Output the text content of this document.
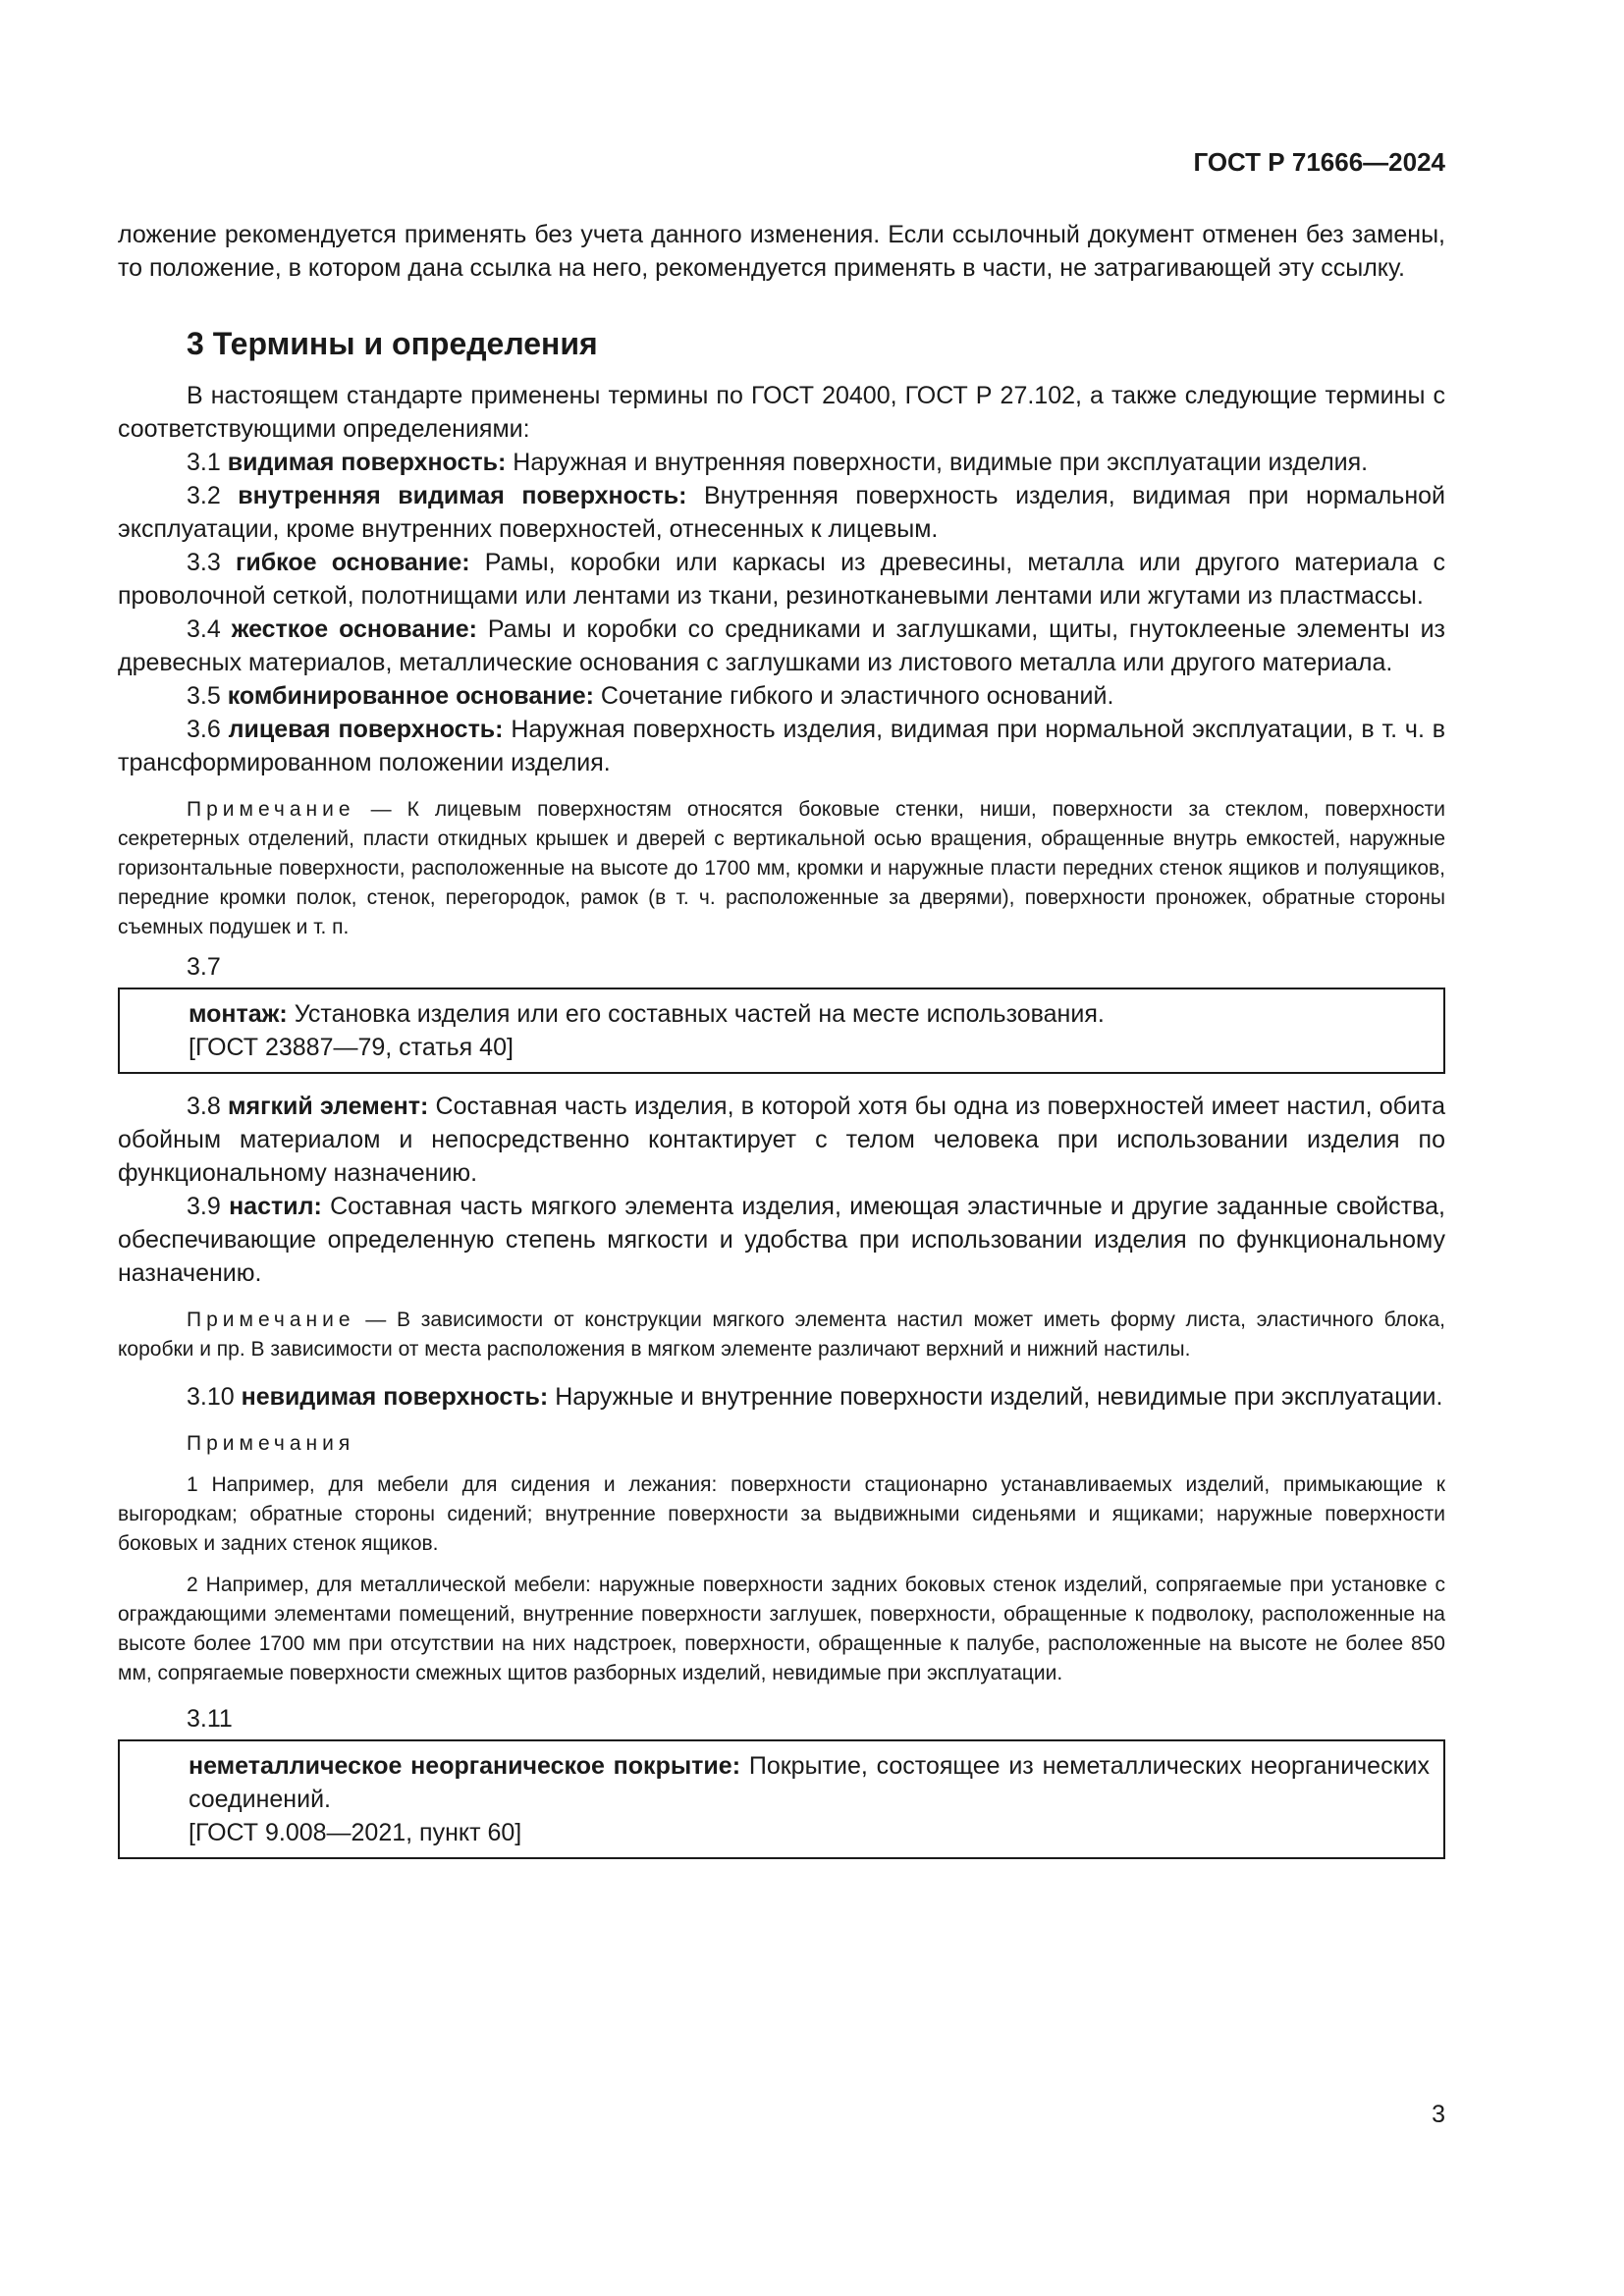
ГОСТ Р 71666—2024

ложение рекомендуется применять без учета данного изменения. Если ссылочный документ отменен без замены, то положение, в котором дана ссылка на него, рекомендуется применять в части, не затрагивающей эту ссылку.

3 Термины и определения

В настоящем стандарте применены термины по ГОСТ 20400, ГОСТ Р 27.102, а также следующие термины с соответствующими определениями:

3.1 видимая поверхность: Наружная и внутренняя поверхности, видимые при эксплуатации изделия.

3.2 внутренняя видимая поверхность: Внутренняя поверхность изделия, видимая при нормальной эксплуатации, кроме внутренних поверхностей, отнесенных к лицевым.

3.3 гибкое основание: Рамы, коробки или каркасы из древесины, металла или другого материала с проволочной сеткой, полотнищами или лентами из ткани, резинотканевыми лентами или жгутами из пластмассы.

3.4 жесткое основание: Рамы и коробки со средниками и заглушками, щиты, гнутоклееные элементы из древесных материалов, металлические основания с заглушками из листового металла или другого материала.

3.5 комбинированное основание: Сочетание гибкого и эластичного оснований.

3.6 лицевая поверхность: Наружная поверхность изделия, видимая при нормальной эксплуатации, в т. ч. в трансформированном положении изделия.

Примечание — К лицевым поверхностям относятся боковые стенки, ниши, поверхности за стеклом, поверхности секретерных отделений, пласти откидных крышек и дверей с вертикальной осью вращения, обращенные внутрь емкостей, наружные горизонтальные поверхности, расположенные на высоте до 1700 мм, кромки и наружные пласти передних стенок ящиков и полуящиков, передние кромки полок, стенок, перегородок, рамок (в т. ч. расположенные за дверями), поверхности проножек, обратные стороны съемных подушек и т. п.

3.7

монтаж: Установка изделия или его составных частей на месте использования.

[ГОСТ 23887—79, статья 40]

3.8 мягкий элемент: Составная часть изделия, в которой хотя бы одна из поверхностей имеет настил, обита обойным материалом и непосредственно контактирует с телом человека при использовании изделия по функциональному назначению.

3.9 настил: Составная часть мягкого элемента изделия, имеющая эластичные и другие заданные свойства, обеспечивающие определенную степень мягкости и удобства при использовании изделия по функциональному назначению.

Примечание — В зависимости от конструкции мягкого элемента настил может иметь форму листа, эластичного блока, коробки и пр. В зависимости от места расположения в мягком элементе различают верхний и нижний настилы.

3.10 невидимая поверхность: Наружные и внутренние поверхности изделий, невидимые при эксплуатации.

Примечания

1 Например, для мебели для сидения и лежания: поверхности стационарно устанавливаемых изделий, примыкающие к выгородкам; обратные стороны сидений; внутренние поверхности за выдвижными сиденьями и ящиками; наружные поверхности боковых и задних стенок ящиков.

2 Например, для металлической мебели: наружные поверхности задних боковых стенок изделий, сопрягаемые при установке с ограждающими элементами помещений, внутренние поверхности заглушек, поверхности, обращенные к подволоку, расположенные на высоте более 1700 мм при отсутствии на них надстроек, поверхности, обращенные к палубе, расположенные на высоте не более 850 мм, сопрягаемые поверхности смежных щитов разборных изделий, невидимые при эксплуатации.

3.11

неметаллическое неорганическое покрытие: Покрытие, состоящее из неметаллических неорганических соединений.

[ГОСТ 9.008—2021, пункт 60]

3
